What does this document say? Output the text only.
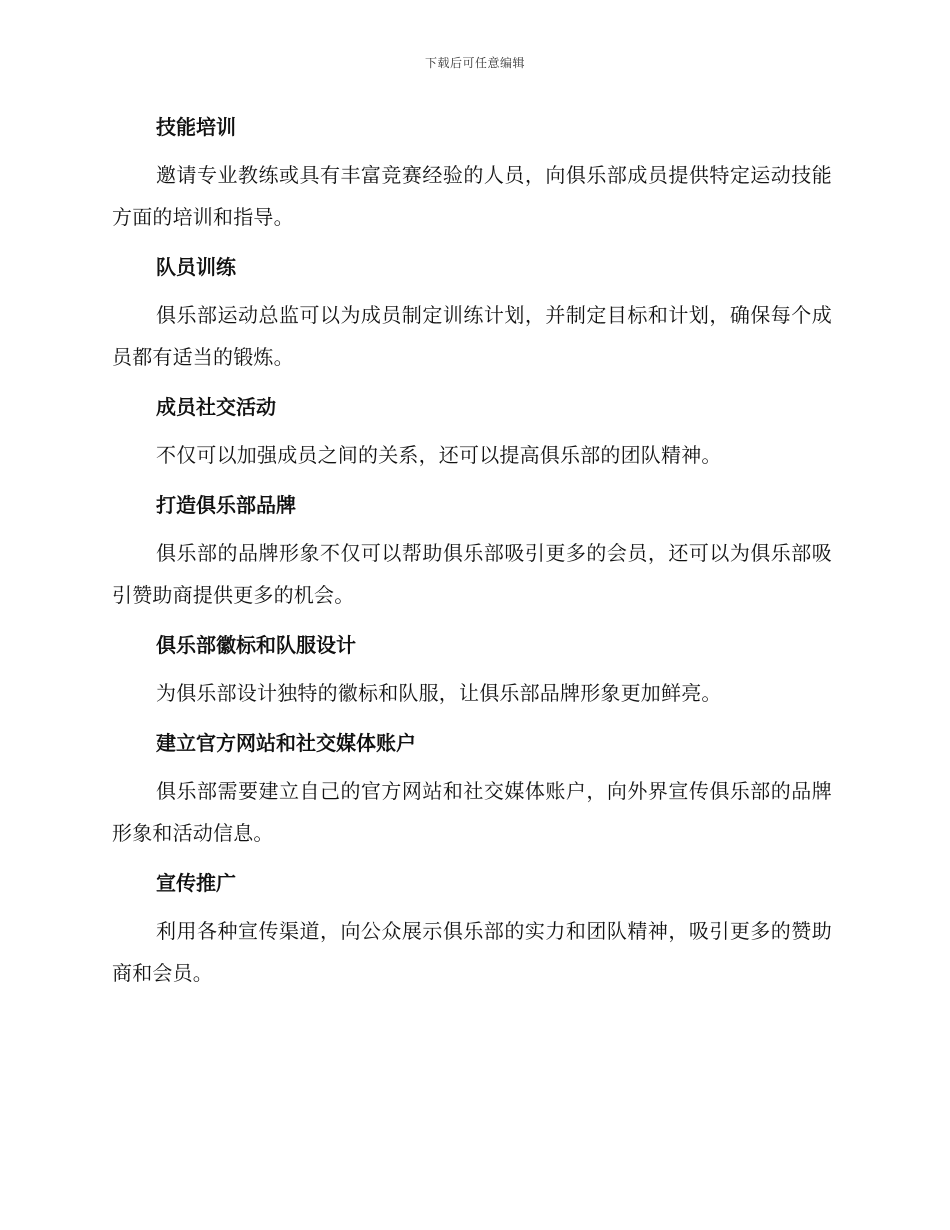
下载后可任意编辑
技能培训

邀请专业教练或具有丰富竞赛经验的人员，向俱乐部成员提供特定运动技能方面的培训和指导。

队员训练

俱乐部运动总监可以为成员制定训练计划，并制定目标和计划，确保每个成员都有适当的锻炼。

成员社交活动

不仅可以加强成员之间的关系，还可以提高俱乐部的团队精神。

打造俱乐部品牌

俱乐部的品牌形象不仅可以帮助俱乐部吸引更多的会员，还可以为俱乐部吸引赞助商提供更多的机会。

俱乐部徽标和队服设计

为俱乐部设计独特的徽标和队服，让俱乐部品牌形象更加鲜亮。

建立官方网站和社交媒体账户

俱乐部需要建立自己的官方网站和社交媒体账户，向外界宣传俱乐部的品牌形象和活动信息。

宣传推广

利用各种宣传渠道，向公众展示俱乐部的实力和团队精神，吸引更多的赞助商和会员。
